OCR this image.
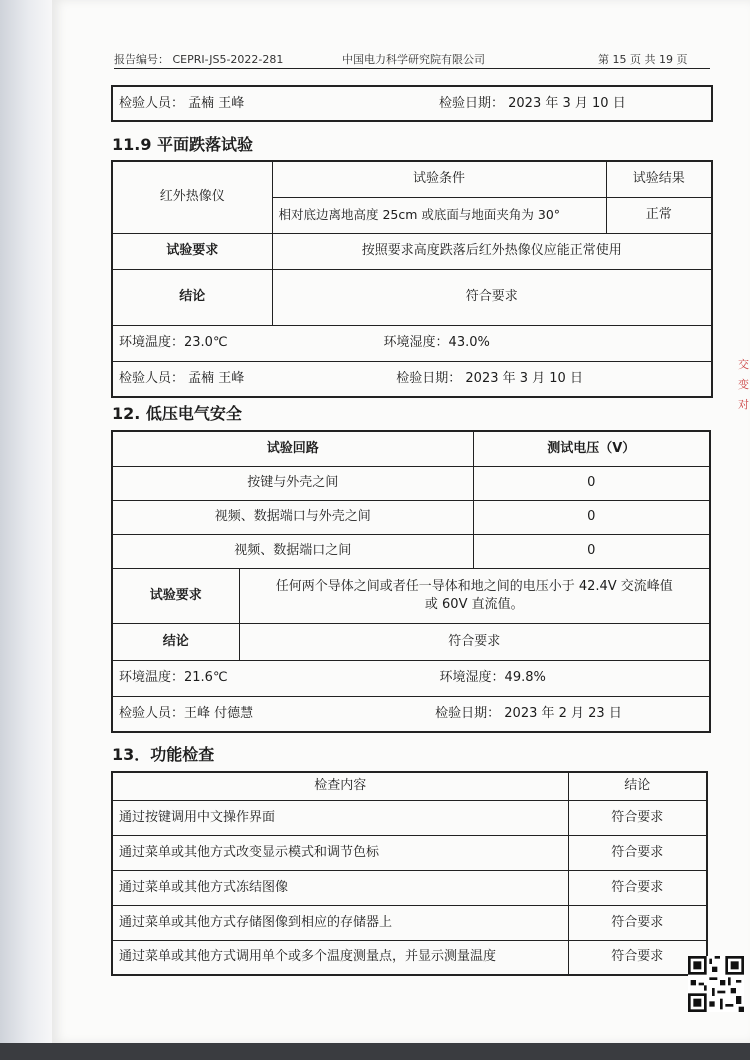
报告编号： CEPRI-JS5-2022-281	中国电力科学研究院有限公司	第 15 页 共 19 页
检验人员： 孟楠 王峰	检验日期： 2023 年 3 月 10 日
11.9 平面跌落试验
红外热像仪	试验条件	试验结果
	相对底边离地高度 25cm 或底面与地面夹角为 30°	正常
试验要求	按照要求高度跌落后红外热像仪应能正常使用	
结论	符合要求	
环境温度：23.0℃ 环境湿度：43.0%		
检验人员： 孟楠 王峰 检验日期： 2023 年 3 月 10 日		
12. 低压电气安全
试验回路		测试电压（V）
按键与外壳之间		0
视频、数据端口与外壳之间		0
视频、数据端口之间		0
试验要求	任何两个导体之间或者任一导体和地之间的电压小于 42.4V 交流峰值
或 60V 直流值。	

结论	符合要求	
环境温度：21.6℃ 环境湿度：49.8%		
检验人员：王峰 付德慧 检验日期： 2023 年 2 月 23 日		
13．功能检查
检查内容	结论
通过按键调用中文操作界面	符合要求
通过菜单或其他方式改变显示模式和调节色标	符合要求
通过菜单或其他方式冻结图像	符合要求
通过菜单或其他方式存储图像到相应的存储器上	符合要求
通过菜单或其他方式调用单个或多个温度测量点，并显示测量温度	符合要求
交 变 对
